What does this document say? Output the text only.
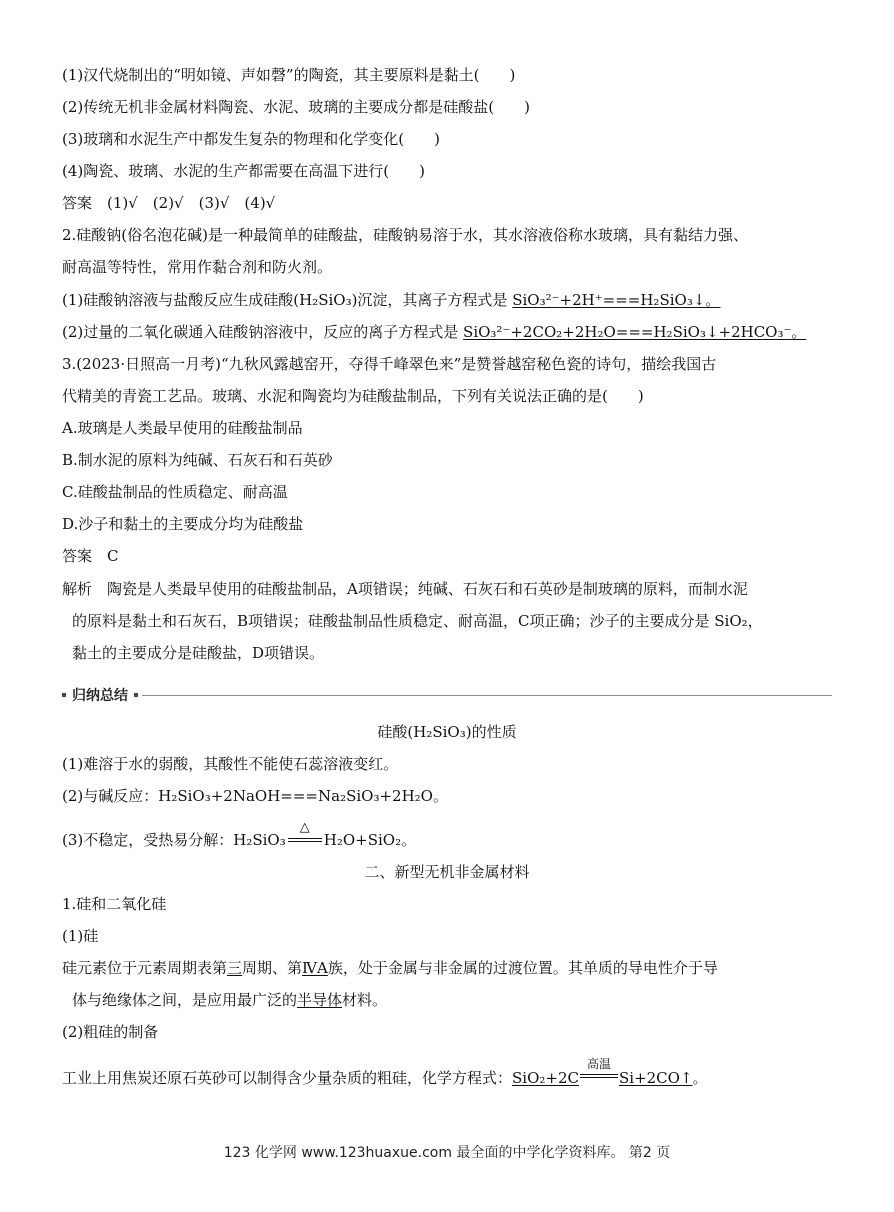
(1)汉代烧制出的“明如镜、声如磬”的陶瓷，其主要原料是黏土(　　)
(2)传统无机非金属材料陶瓷、水泥、玻璃的主要成分都是硅酸盐(　　)
(3)玻璃和水泥生产中都发生复杂的物理和化学变化(　　)
(4)陶瓷、玻璃、水泥的生产都需要在高温下进行(　　)
答案　(1)√　(2)√　(3)√　(4)√
2.硅酸钠(俗名泡花碱)是一种最简单的硅酸盐，硅酸钠易溶于水，其水溶液俗称水玻璃，具有黏结力强、
耐高温等特性，常用作黏合剂和防火剂。
(1)硅酸钠溶液与盐酸反应生成硅酸(H₂SiO₃)沉淀，其离子方程式是 SiO₃²⁻+2H⁺===H₂SiO₃↓。
(2)过量的二氧化碳通入硅酸钠溶液中，反应的离子方程式是 SiO₃²⁻+2CO₂+2H₂O===H₂SiO₃↓+2HCO₃⁻。
3.(2023·日照高一月考)“九秋风露越窑开，夺得千峰翠色来”是赞誉越窑秘色瓷的诗句，描绘我国古
代精美的青瓷工艺品。玻璃、水泥和陶瓷均为硅酸盐制品，下列有关说法正确的是(　　)
A.玻璃是人类最早使用的硅酸盐制品
B.制水泥的原料为纯碱、石灰石和石英砂
C.硅酸盐制品的性质稳定、耐高温
D.沙子和黏土的主要成分均为硅酸盐
答案　C
解析　陶瓷是人类最早使用的硅酸盐制品，A项错误；纯碱、石灰石和石英砂是制玻璃的原料，而制水泥
的原料是黏土和石灰石，B项错误；硅酸盐制品性质稳定、耐高温，C项正确；沙子的主要成分是 SiO₂，
黏土的主要成分是硅酸盐，D项错误。
归纳总结
硅酸(H₂SiO₃)的性质
(1)难溶于水的弱酸，其酸性不能使石蕊溶液变红。
(2)与碱反应：H₂SiO₃+2NaOH===Na₂SiO₃+2H₂O。
(3)不稳定，受热易分解：H₂SiO₃
△
H₂O+SiO₂。
二、新型无机非金属材料
1.硅和二氧化硅
(1)硅
硅元素位于元素周期表第三周期、第ⅣA族，处于金属与非金属的过渡位置。其单质的导电性介于导
体与绝缘体之间，是应用最广泛的半导体材料。
(2)粗硅的制备
工业上用焦炭还原石英砂可以制得含少量杂质的粗硅，化学方程式：SiO₂+2C
高温
Si+2CO↑。
123 化学网 www.123huaxue.com 最全面的中学化学资料库。 第2 页
